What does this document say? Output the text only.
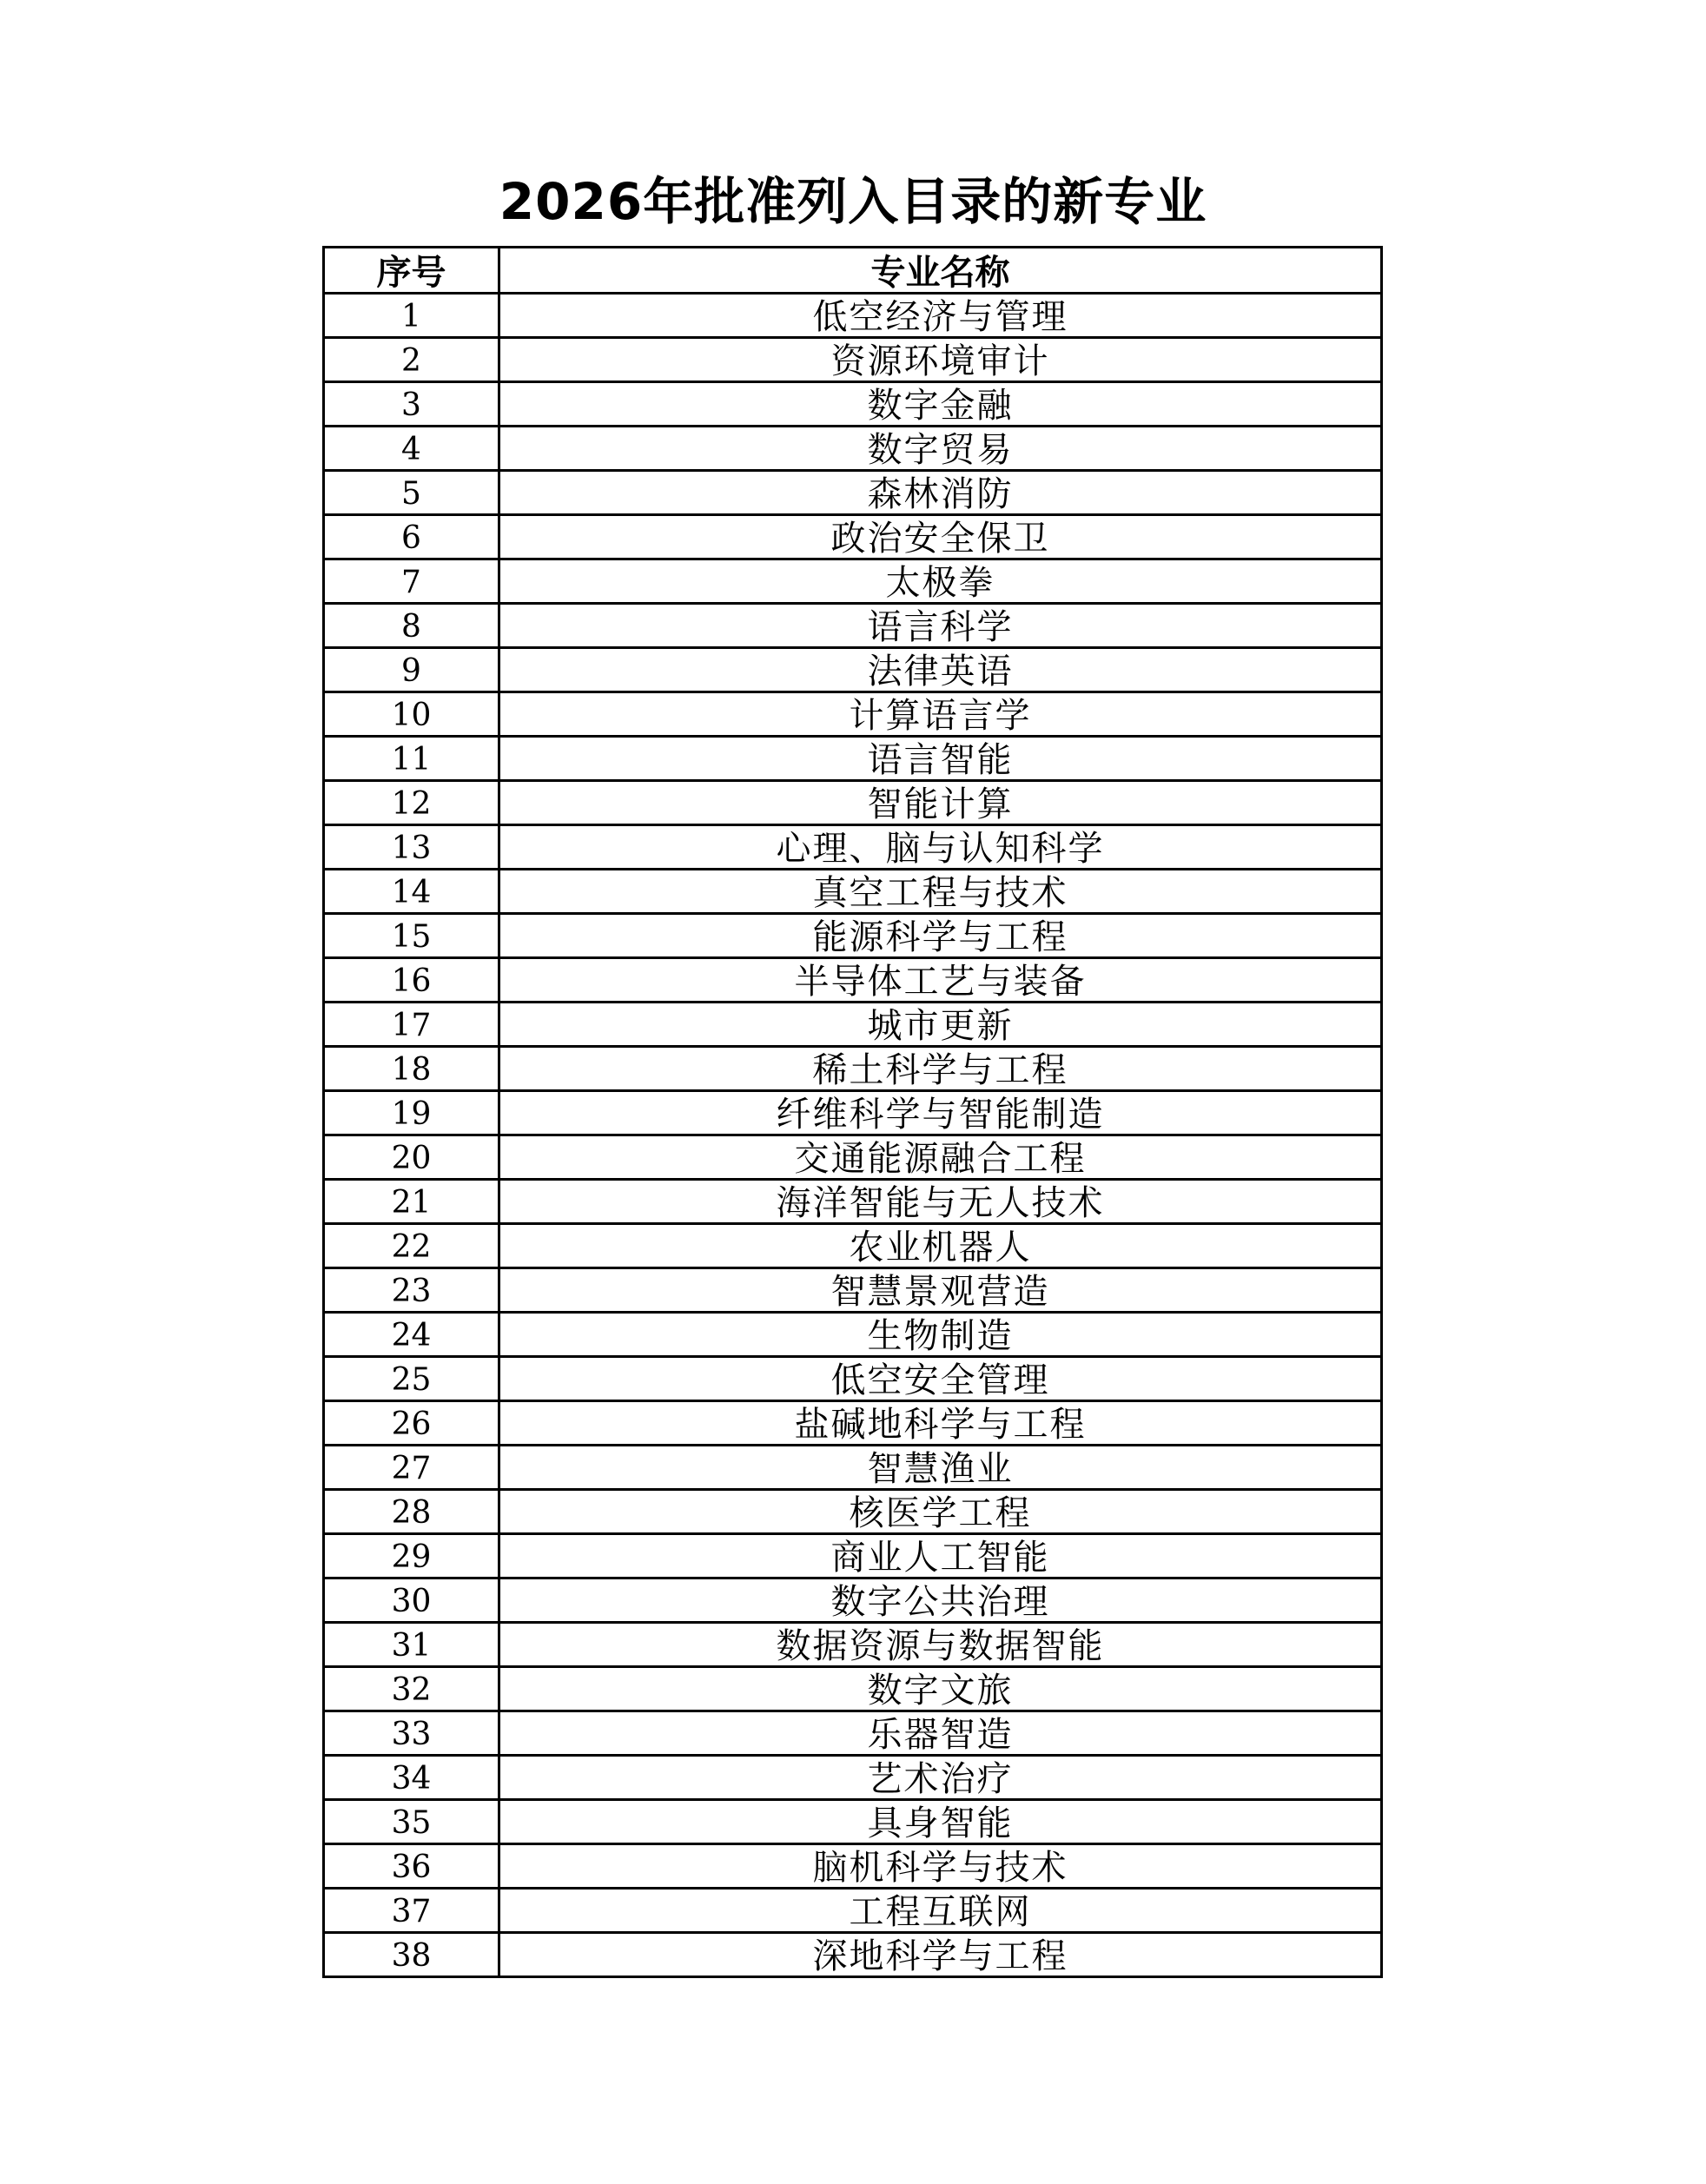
2026年批准列入目录的新专业
序号	专业名称
1	低空经济与管理
2	资源环境审计
3	数字金融
4	数字贸易
5	森林消防
6	政治安全保卫
7	太极拳
8	语言科学
9	法律英语
10	计算语言学
11	语言智能
12	智能计算
13	心理、脑与认知科学
14	真空工程与技术
15	能源科学与工程
16	半导体工艺与装备
17	城市更新
18	稀土科学与工程
19	纤维科学与智能制造
20	交通能源融合工程
21	海洋智能与无人技术
22	农业机器人
23	智慧景观营造
24	生物制造
25	低空安全管理
26	盐碱地科学与工程
27	智慧渔业
28	核医学工程
29	商业人工智能
30	数字公共治理
31	数据资源与数据智能
32	数字文旅
33	乐器智造
34	艺术治疗
35	具身智能
36	脑机科学与技术
37	工程互联网
38	深地科学与工程
